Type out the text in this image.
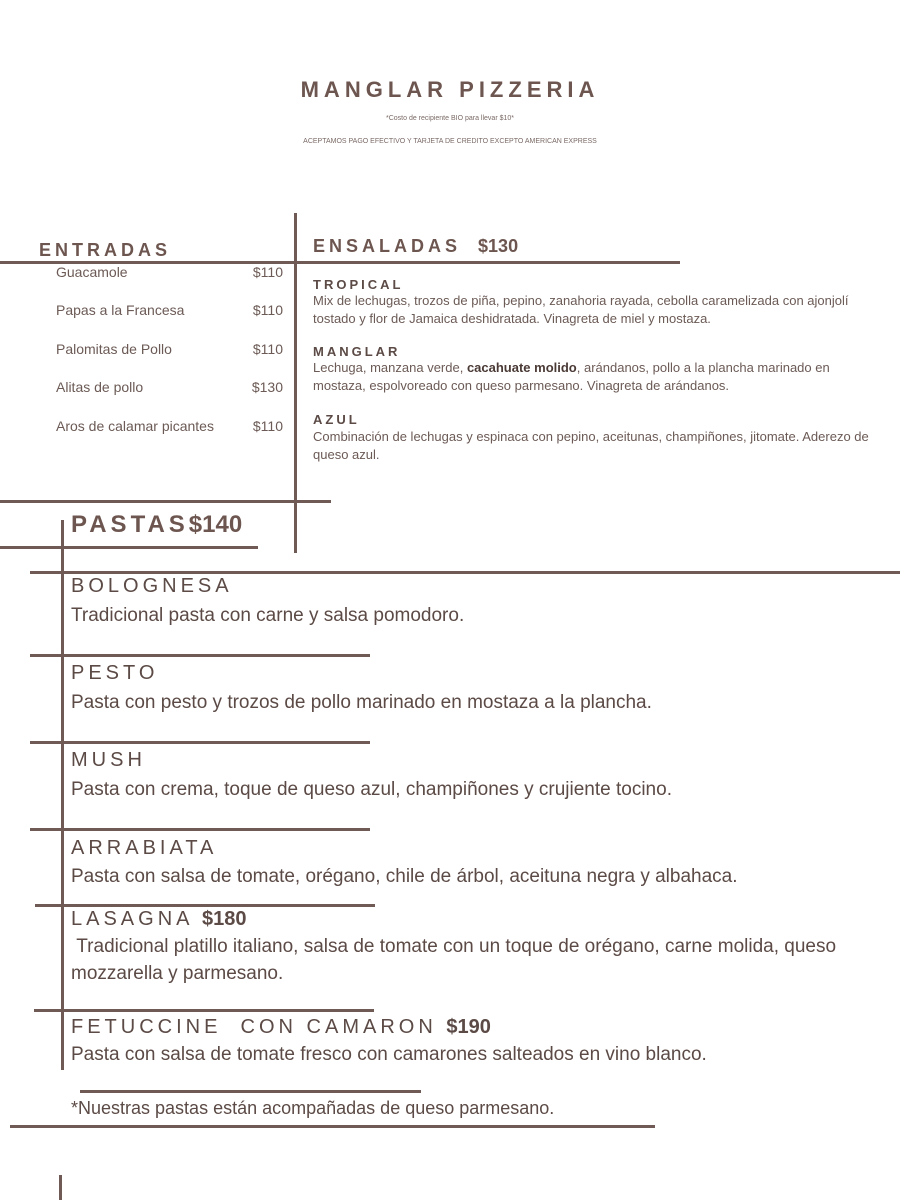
MANGLAR PIZZERIA
*Costo de recipiente BIO para llevar $10*
ACEPTAMOS PAGO EFECTIVO Y TARJETA DE CREDITO EXCEPTO AMERICAN EXPRESS
ENTRADAS
Guacamole	$110
Papas a la Francesa	$110
Palomitas de Pollo	$110
Alitas de pollo	$130
Aros de calamar picantes	$110
ENSALADAS $130
TROPICAL
Mix de lechugas, trozos de piña, pepino, zanahoria rayada, cebolla caramelizada con ajonjolí tostado y flor de Jamaica deshidratada. Vinagreta de miel y mostaza.
MANGLAR
Lechuga, manzana verde, cacahuate molido, arándanos, pollo a la plancha marinado en mostaza, espolvoreado con queso parmesano. Vinagreta de arándanos.
AZUL
Combinación de lechugas y espinaca con pepino, aceitunas, champiñones, jitomate. Aderezo de queso azul.
PASTAS$140
BOLOGNESA
Tradicional pasta con carne y salsa pomodoro.
PESTO
Pasta con pesto y trozos de pollo marinado en mostaza a la plancha.
MUSH
Pasta con crema, toque de queso azul, champiñones y crujiente tocino.
ARRABIATA
Pasta con salsa de tomate, orégano, chile de árbol, aceituna negra y albahaca.
LASAGNA $180
Tradicional platillo italiano, salsa de tomate con un toque de orégano, carne molida, queso mozzarella y parmesano.
FETUCCINE  CON CAMARON $190
Pasta con salsa de tomate fresco con camarones salteados en vino blanco.
*Nuestras pastas están acompañadas de queso parmesano.
